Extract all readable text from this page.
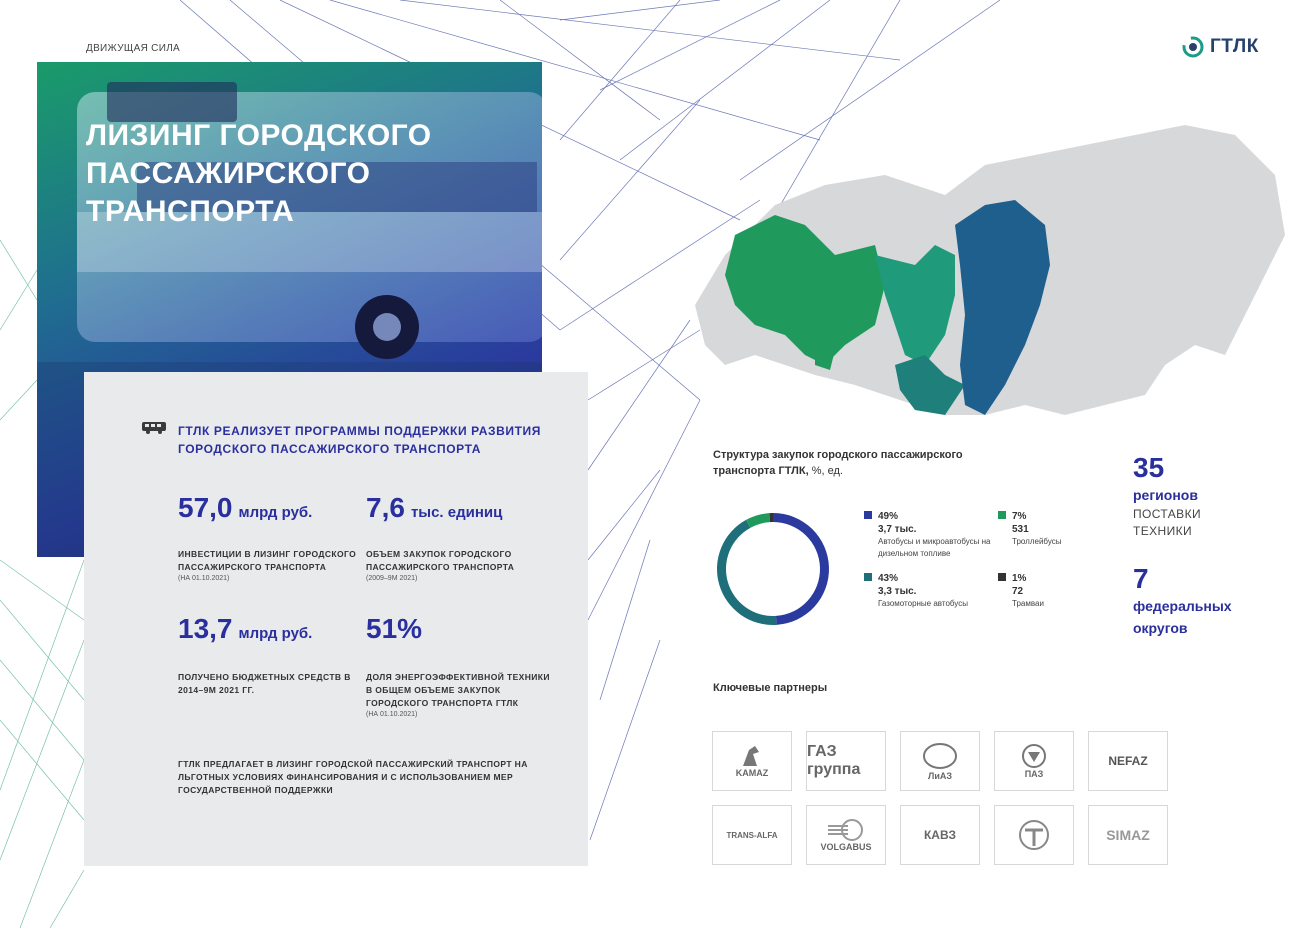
ДВИЖУЩАЯ СИЛА	ГТЛК
ЛИЗИНГ ГОРОДСКОГО ПАССАЖИРСКОГО ТРАНСПОРТА
ГТЛК РЕАЛИЗУЕТ ПРОГРАММЫ ПОДДЕРЖКИ РАЗВИТИЯ ГОРОДСКОГО ПАССАЖИРСКОГО ТРАНСПОРТА
57,0 млрд руб.
ИНВЕСТИЦИИ В ЛИЗИНГ ГОРОДСКОГО ПАССАЖИРСКОГО ТРАНСПОРТА
(НА 01.10.2021)
7,6 тыс. единиц
ОБЪЕМ ЗАКУПОК ГОРОДСКОГО ПАССАЖИРСКОГО ТРАНСПОРТА
(2009–9М 2021)
13,7 млрд руб.
ПОЛУЧЕНО БЮДЖЕТНЫХ СРЕДСТВ В 2014–9М 2021 ГГ.
51%
ДОЛЯ ЭНЕРГОЭФФЕКТИВНОЙ ТЕХНИКИ В ОБЩЕМ ОБЪЕМЕ ЗАКУПОК ГОРОДСКОГО ТРАНСПОРТА ГТЛК
(НА 01.10.2021)
ГТЛК ПРЕДЛАГАЕТ В ЛИЗИНГ ГОРОДСКОЙ ПАССАЖИРСКИЙ ТРАНСПОРТ НА ЛЬГОТНЫХ УСЛОВИЯХ ФИНАНСИРОВАНИЯ И С ИСПОЛЬЗОВАНИЕМ МЕР ГОСУДАРСТВЕННОЙ ПОДДЕРЖКИ
Структура закупок городского пассажирского транспорта ГТЛК, %, ед.
49%
3,7 тыс.
Автобусы и микроавтобусы на дизельном топливе
7%
531
Троллейбусы
43%
3,3 тыс.
Газомоторные автобусы
1%
72
Трамваи
35
регионов
ПОСТАВКИ
ТЕХНИКИ
7
федеральных
округов
Ключевые партнеры
KAMAZ
ГАЗ группа	ЛиАЗ	ПАЗ
NEFAZ
TRANS-ALFA
VOLGABUS
КАВЗ	SIMAZ
